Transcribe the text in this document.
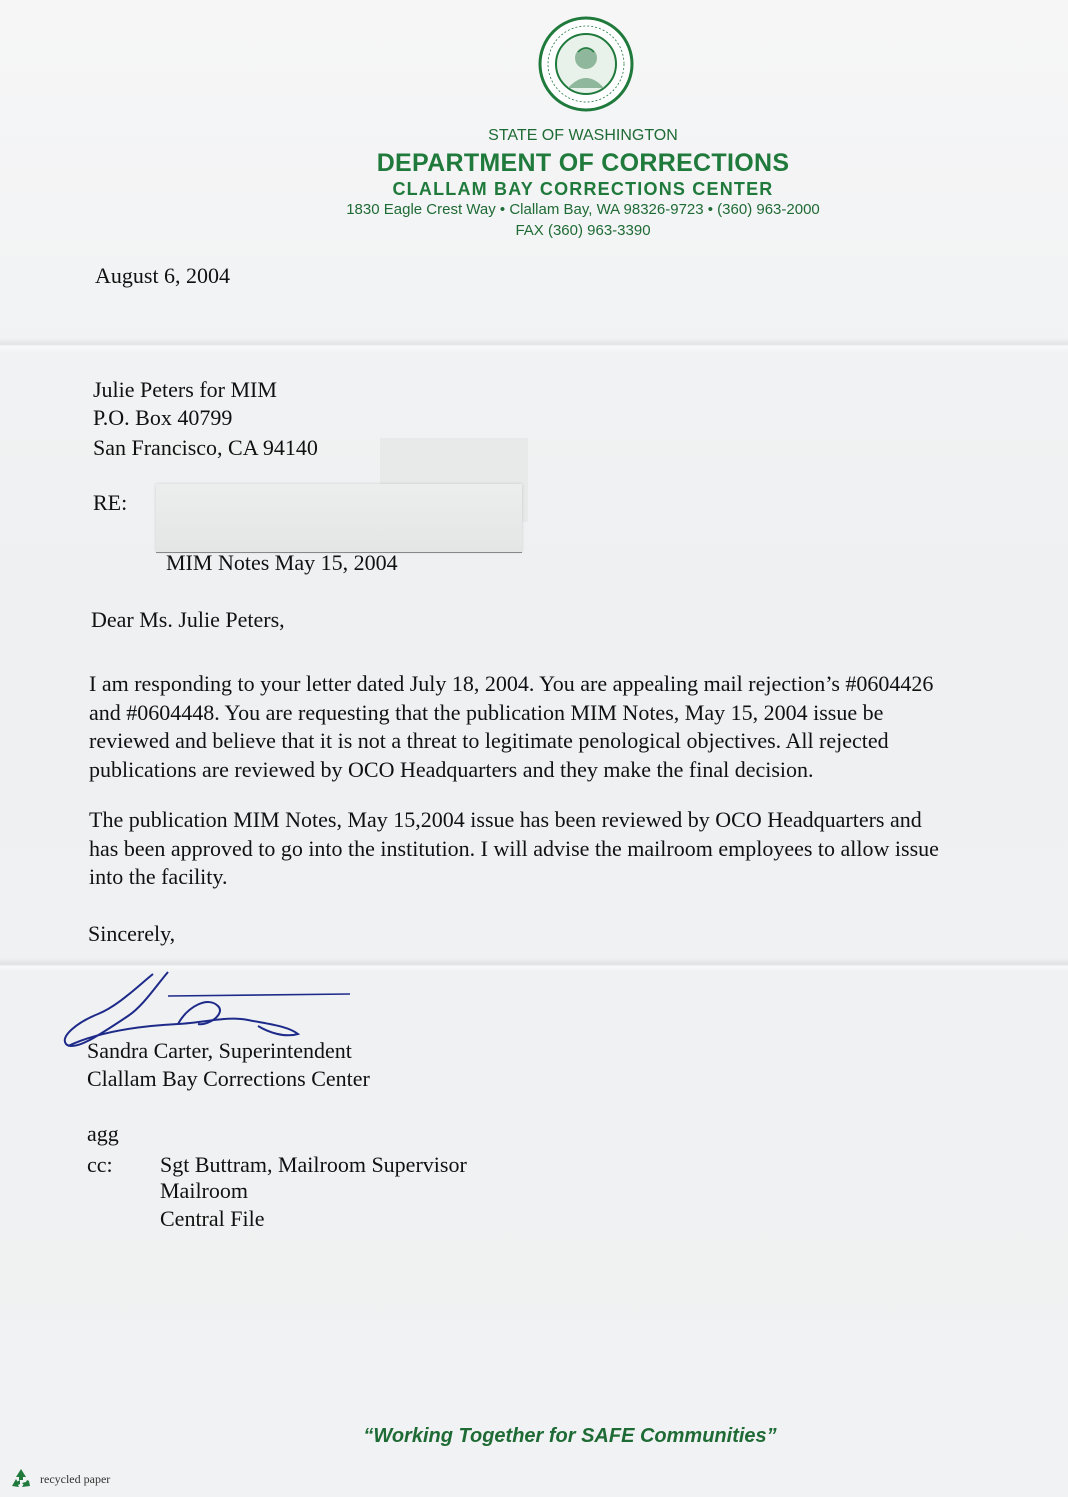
STATE OF WASHINGTON
DEPARTMENT OF CORRECTIONS
CLALLAM BAY CORRECTIONS CENTER
1830 Eagle Crest Way • Clallam Bay, WA 98326-9723 • (360) 963-2000
FAX (360) 963-3390
August 6, 2004
Julie Peters for MIM
P.O. Box 40799
San Francisco, CA 94140
RE:
MIM Notes May 15, 2004
Dear Ms. Julie Peters,
I am responding to your letter dated July 18, 2004. You are appealing mail rejection’s #0604426
and #0604448. You are requesting that the publication MIM Notes, May 15, 2004 issue be
reviewed and believe that it is not a threat to legitimate penological objectives. All rejected
publications are reviewed by OCO Headquarters and they make the final decision.
The publication MIM Notes, May 15,2004 issue has been reviewed by OCO Headquarters and
has been approved to go into the institution. I will advise the mailroom employees to allow issue
into the facility.
Sincerely,
Sandra Carter, Superintendent
Clallam Bay Corrections Center
agg
cc: Sgt Buttram, Mailroom Supervisor
Mailroom
Central File
“Working Together for SAFE Communities”
recycled paper
